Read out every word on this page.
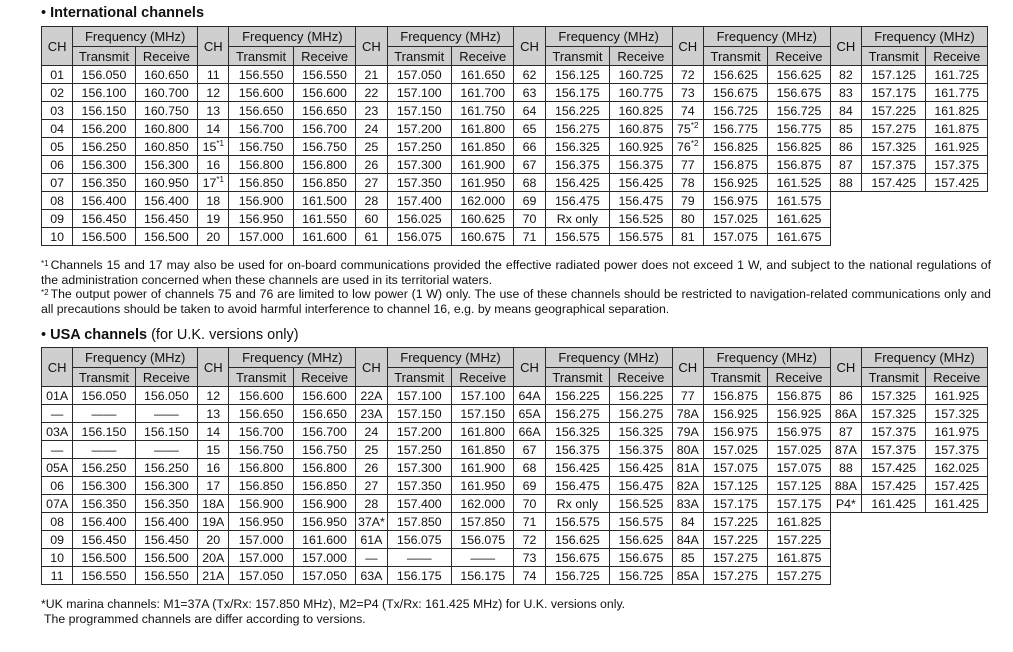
• International channels
CH	Frequency (MHz)		CH	Frequency (MHz)		CH	Frequency (MHz)		CH	Frequency (MHz)		CH	Frequency (MHz)		CH	Frequency (MHz)	
	Transmit	Receive		Transmit	Receive		Transmit	Receive		Transmit	Receive		Transmit	Receive		Transmit	Receive
01	156.050	160.650	11	156.550	156.550	21	157.050	161.650	62	156.125	160.725	72	156.625	156.625	82	157.125	161.725
02	156.100	160.700	12	156.600	156.600	22	157.100	161.700	63	156.175	160.775	73	156.675	156.675	83	157.175	161.775
03	156.150	160.750	13	156.650	156.650	23	157.150	161.750	64	156.225	160.825	74	156.725	156.725	84	157.225	161.825
04	156.200	160.800	14	156.700	156.700	24	157.200	161.800	65	156.275	160.875	75$^{*2}$	156.775	156.775	85	157.275	161.875
05	156.250	160.850	15$^{*1}$	156.750	156.750	25	157.250	161.850	66	156.325	160.925	76$^{*2}$	156.825	156.825	86	157.325	161.925
06	156.300	156.300	16	156.800	156.800	26	157.300	161.900	67	156.375	156.375	77	156.875	156.875	87	157.375	157.375
07	156.350	160.950	17$^{*1}$	156.850	156.850	27	157.350	161.950	68	156.425	156.425	78	156.925	161.525	88	157.425	157.425
08	156.400	156.400	18	156.900	161.500	28	157.400	162.000	69	156.475	156.475	79	156.975	161.575			
09	156.450	156.450	19	156.950	161.550	60	156.025	160.625	70	Rx only	156.525	80	157.025	161.625			
10	156.500	156.500	20	157.000	161.600	61	156.075	160.675	71	156.575	156.575	81	157.075	161.675			

$^{*1}$ Channels 15 and 17 may also be used for on-board communications provided the effective radiated power does not exceed 1 W, and subject to the national regulations of the administration concerned when these channels are used in its territorial waters.

$^{*2}$ The output power of channels 75 and 76 are limited to low power (1 W) only. The use of these channels should be restricted to navigation-related communications only and all precautions should be taken to avoid harmful interference to channel 16, e.g. by means geographical separation.

• USA channels (for U.K. versions only)
CH	Frequency (MHz)		CH	Frequency (MHz)		CH	Frequency (MHz)		CH	Frequency (MHz)		CH	Frequency (MHz)		CH	Frequency (MHz)	
	Transmit	Receive		Transmit	Receive		Transmit	Receive		Transmit	Receive		Transmit	Receive		Transmit	Receive
01A	156.050	156.050	12	156.600	156.600	22A	157.100	157.100	64A	156.225	156.225	77	156.875	156.875	86	157.325	161.925
—	——	——	13	156.650	156.650	23A	157.150	157.150	65A	156.275	156.275	78A	156.925	156.925	86A	157.325	157.325
03A	156.150	156.150	14	156.700	156.700	24	157.200	161.800	66A	156.325	156.325	79A	156.975	156.975	87	157.375	161.975
—	——	——	15	156.750	156.750	25	157.250	161.850	67	156.375	156.375	80A	157.025	157.025	87A	157.375	157.375
05A	156.250	156.250	16	156.800	156.800	26	157.300	161.900	68	156.425	156.425	81A	157.075	157.075	88	157.425	162.025
06	156.300	156.300	17	156.850	156.850	27	157.350	161.950	69	156.475	156.475	82A	157.125	157.125	88A	157.425	157.425
07A	156.350	156.350	18A	156.900	156.900	28	157.400	162.000	70	Rx only	156.525	83A	157.175	157.175	P4*	161.425	161.425
08	156.400	156.400	19A	156.950	156.950	37A*	157.850	157.850	71	156.575	156.575	84	157.225	161.825			
09	156.450	156.450	20	157.000	161.600	61A	156.075	156.075	72	156.625	156.625	84A	157.225	157.225			
10	156.500	156.500	20A	157.000	157.000	—	——	——	73	156.675	156.675	85	157.275	161.875			
11	156.550	156.550	21A	157.050	157.050	63A	156.175	156.175	74	156.725	156.725	85A	157.275	157.275			

*UK marina channels: M1=37A (Tx/Rx: 157.850 MHz), M2=P4 (Tx/Rx: 161.425 MHz) for U.K. versions only.

The programmed channels are differ according to versions.
